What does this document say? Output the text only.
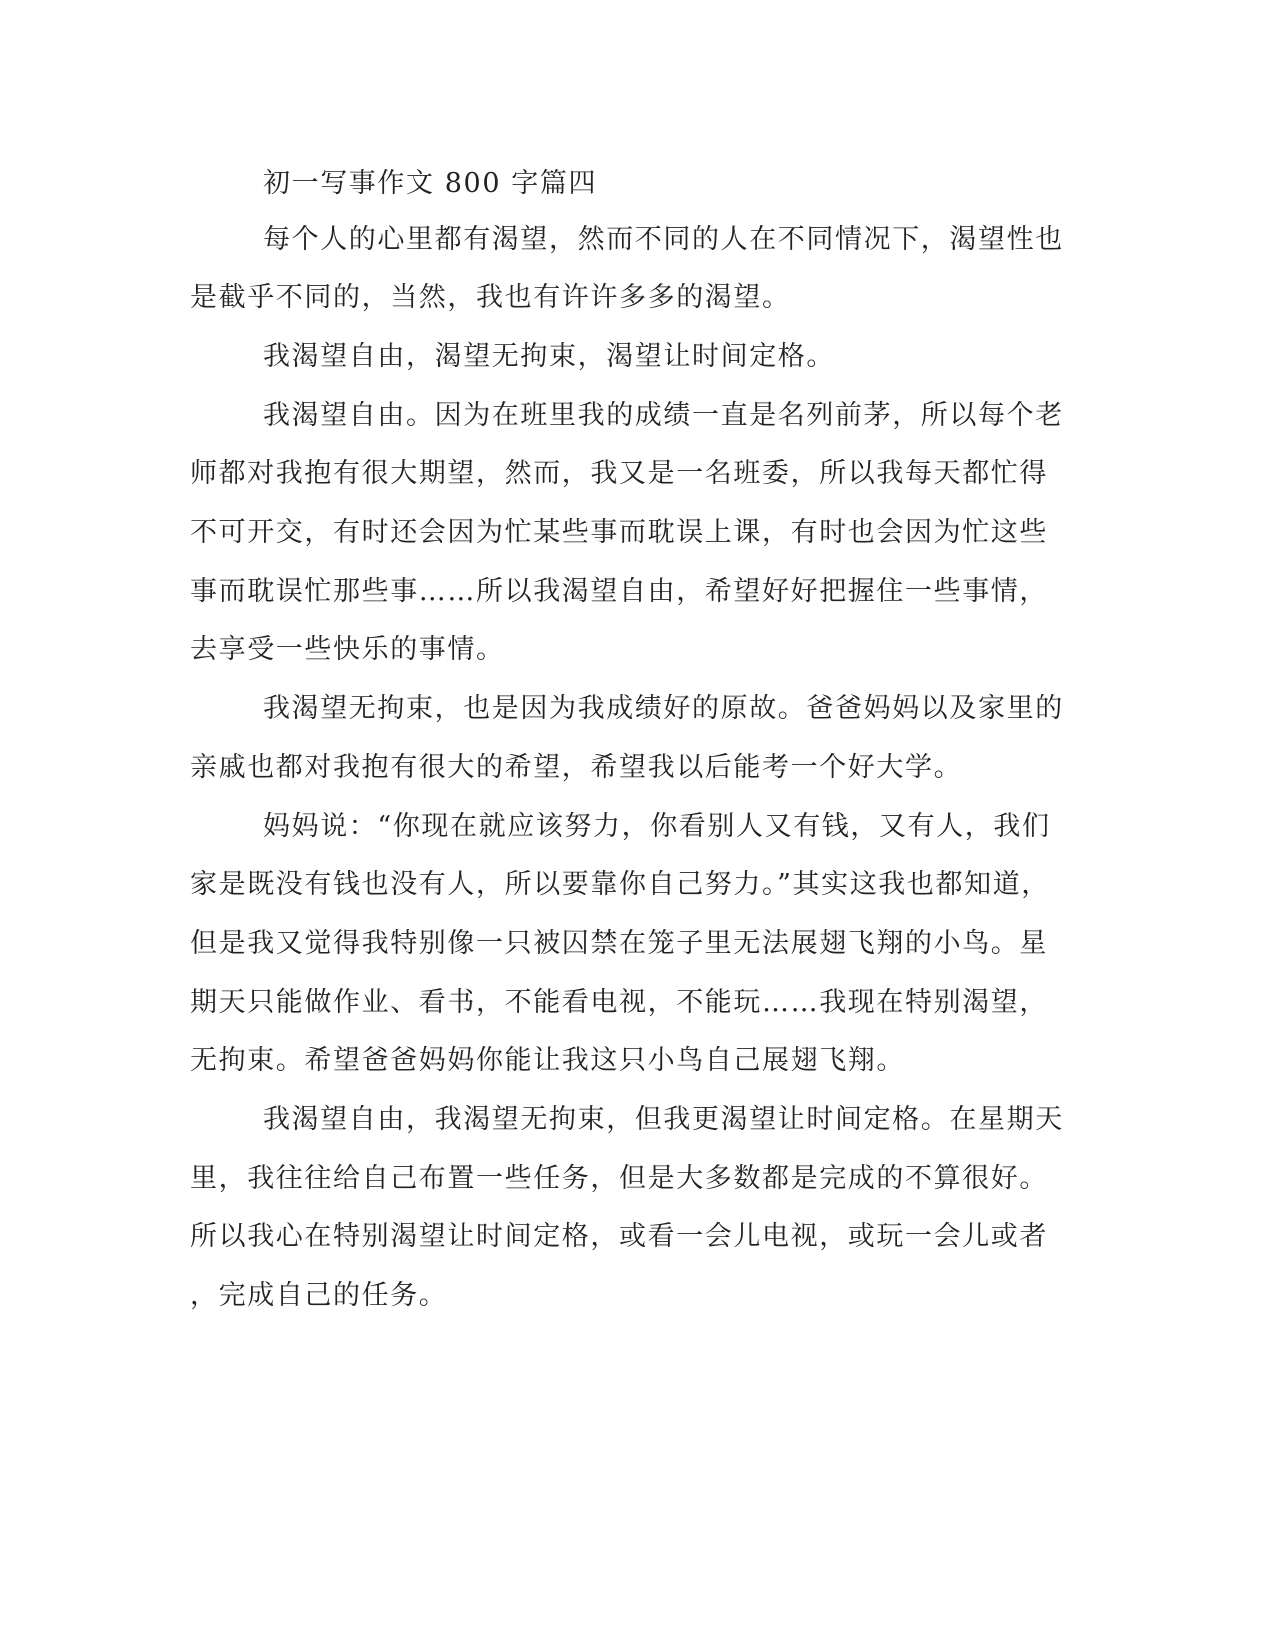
初一写事作文 800 字篇四
每个人的心里都有渴望，然而不同的人在不同情况下，渴望性也
是截乎不同的，当然，我也有许许多多的渴望。
我渴望自由，渴望无拘束，渴望让时间定格。
我渴望自由。因为在班里我的成绩一直是名列前茅，所以每个老
师都对我抱有很大期望，然而，我又是一名班委，所以我每天都忙得
不可开交，有时还会因为忙某些事而耽误上课，有时也会因为忙这些
事而耽误忙那些事……所以我渴望自由，希望好好把握住一些事情，
去享受一些快乐的事情。
我渴望无拘束，也是因为我成绩好的原故。爸爸妈妈以及家里的
亲戚也都对我抱有很大的希望，希望我以后能考一个好大学。
妈妈说：“你现在就应该努力，你看别人又有钱，又有人，我们
家是既没有钱也没有人，所以要靠你自己努力。”其实这我也都知道，
但是我又觉得我特别像一只被囚禁在笼子里无法展翅飞翔的小鸟。星
期天只能做作业、看书，不能看电视，不能玩……我现在特别渴望，
无拘束。希望爸爸妈妈你能让我这只小鸟自己展翅飞翔。
我渴望自由，我渴望无拘束，但我更渴望让时间定格。在星期天
里，我往往给自己布置一些任务，但是大多数都是完成的不算很好。
所以我心在特别渴望让时间定格，或看一会儿电视，或玩一会儿或者
，完成自己的任务。
